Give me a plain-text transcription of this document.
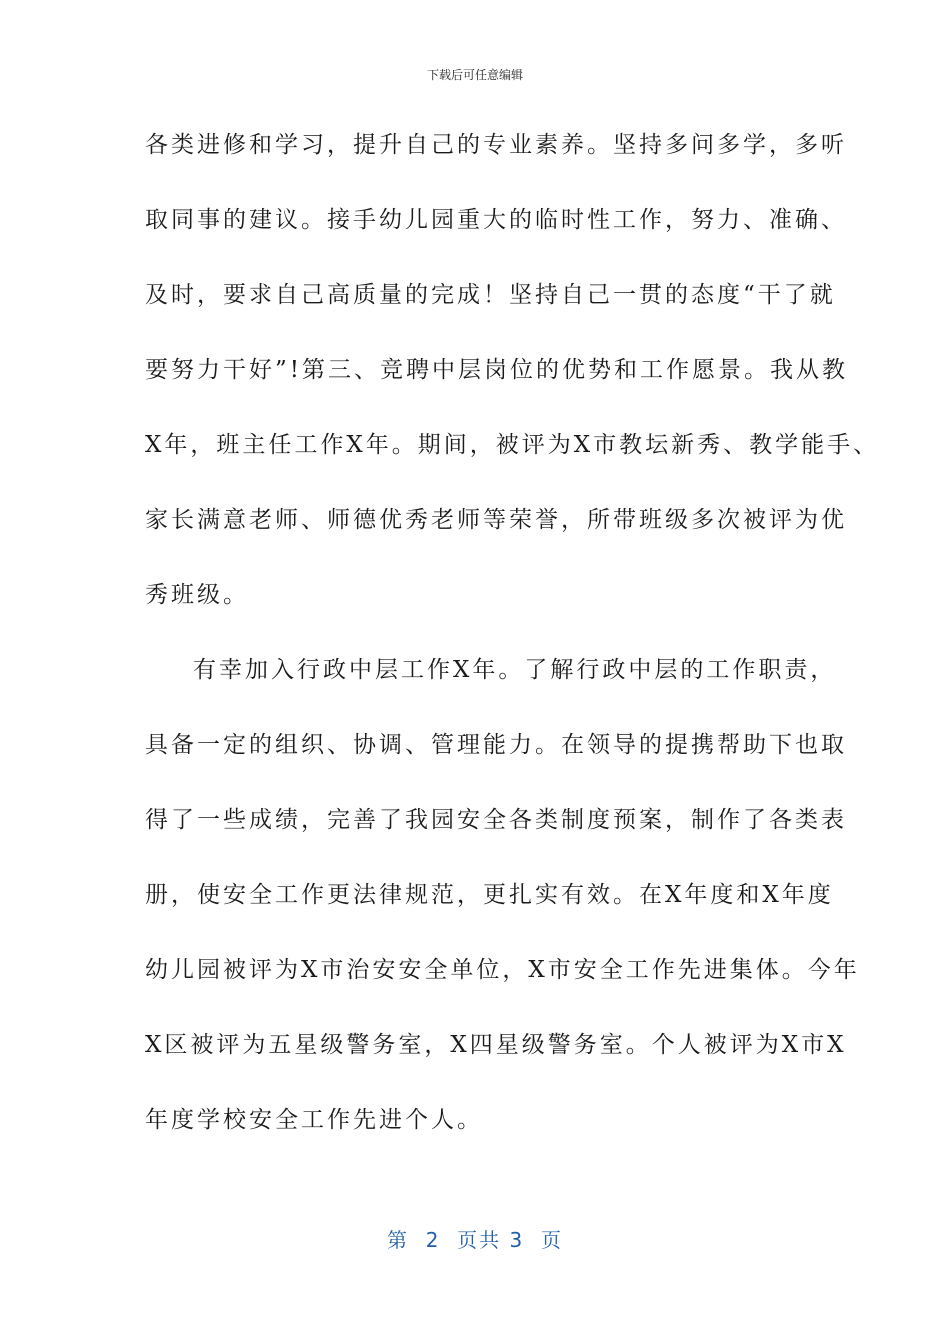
下载后可任意编辑
各类进修和学习，提升自己的专业素养。坚持多问多学，多听
取同事的建议。接手幼儿园重大的临时性工作，努力、准确、
及时，要求自己高质量的完成！坚持自己一贯的态度“干了就
要努力干好”!第三、竞聘中层岗位的优势和工作愿景。我从教
X年，班主任工作X年。期间，被评为X市教坛新秀、教学能手、
家长满意老师、师德优秀老师等荣誉，所带班级多次被评为优
秀班级。
有幸加入行政中层工作X年。了解行政中层的工作职责，
具备一定的组织、协调、管理能力。在领导的提携帮助下也取
得了一些成绩，完善了我园安全各类制度预案，制作了各类表
册，使安全工作更法律规范，更扎实有效。在X年度和X年度
幼儿园被评为X市治安安全单位，X市安全工作先进集体。今年
X区被评为五星级警务室，X四星级警务室。个人被评为X市X
年度学校安全工作先进个人。
第 2 页共 3 页
